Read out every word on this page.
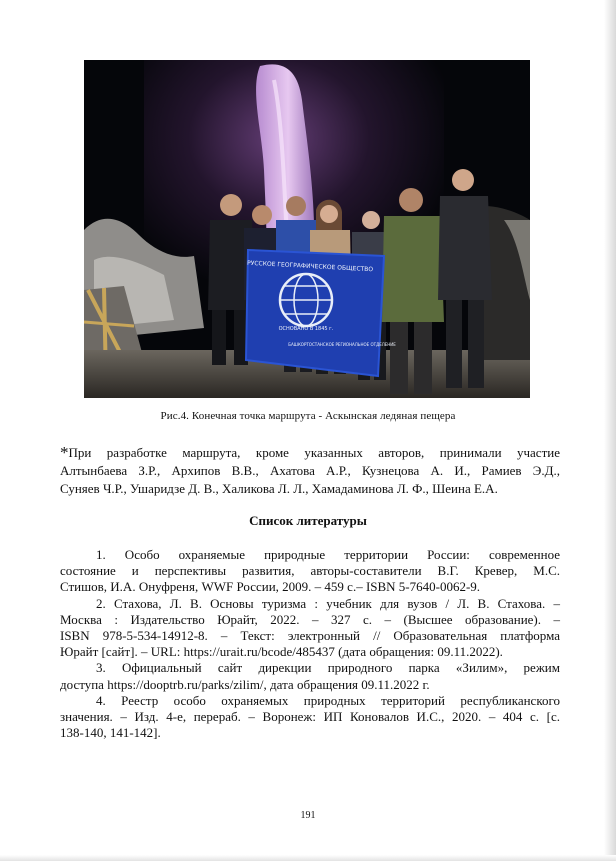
РУССКОЕ ГЕОГРАФИЧЕСКОЕ ОБЩЕСТВО
ОСНОВАНО В 1845 г.
БАШКОРТОСТАНСКОЕ РЕГИОНАЛЬНОЕ ОТДЕЛЕНИЕ
Рис.4. Конечная точка маршрута - Аскынская ледяная пещера
*При разработке маршрута, кроме указанных авторов, принимали участие
Алтынбаева З.Р., Архипов В.В., Ахатова А.Р., Кузнецова А. И., Рамиев Э.Д.,
Суняев Ч.Р., Ушаридзе Д. В., Халикова Л. Л., Хамадаминова Л. Ф., Шеина Е.А.
Список литературы
1. Особо охраняемые природные территории России: современное
состояние и перспективы развития, авторы-составители В.Г. Кревер, М.С.
Стишов, И.А. Онуфреня, WWF России, 2009. – 459 с.– ISBN 5-7640-0062-9.
2. Стахова, Л. В. Основы туризма : учебник для вузов / Л. В. Стахова. –
Москва : Издательство Юрайт, 2022. – 327 с. – (Высшее образование). –
ISBN 978-5-534-14912-8. – Текст: электронный // Образовательная платформа
Юрайт [сайт]. – URL: https://urait.ru/bcode/485437 (дата обращения: 09.11.2022).
3. Официальный сайт дирекции природного парка «Зилим», режим
доступа https://dooptrb.ru/parks/zilim/, дата обращения 09.11.2022 г.
4. Реестр особо охраняемых природных территорий республиканского
значения. – Изд. 4-е, перераб. – Воронеж: ИП Коновалов И.С., 2020. – 404 с. [с.
138-140, 141-142].
191
